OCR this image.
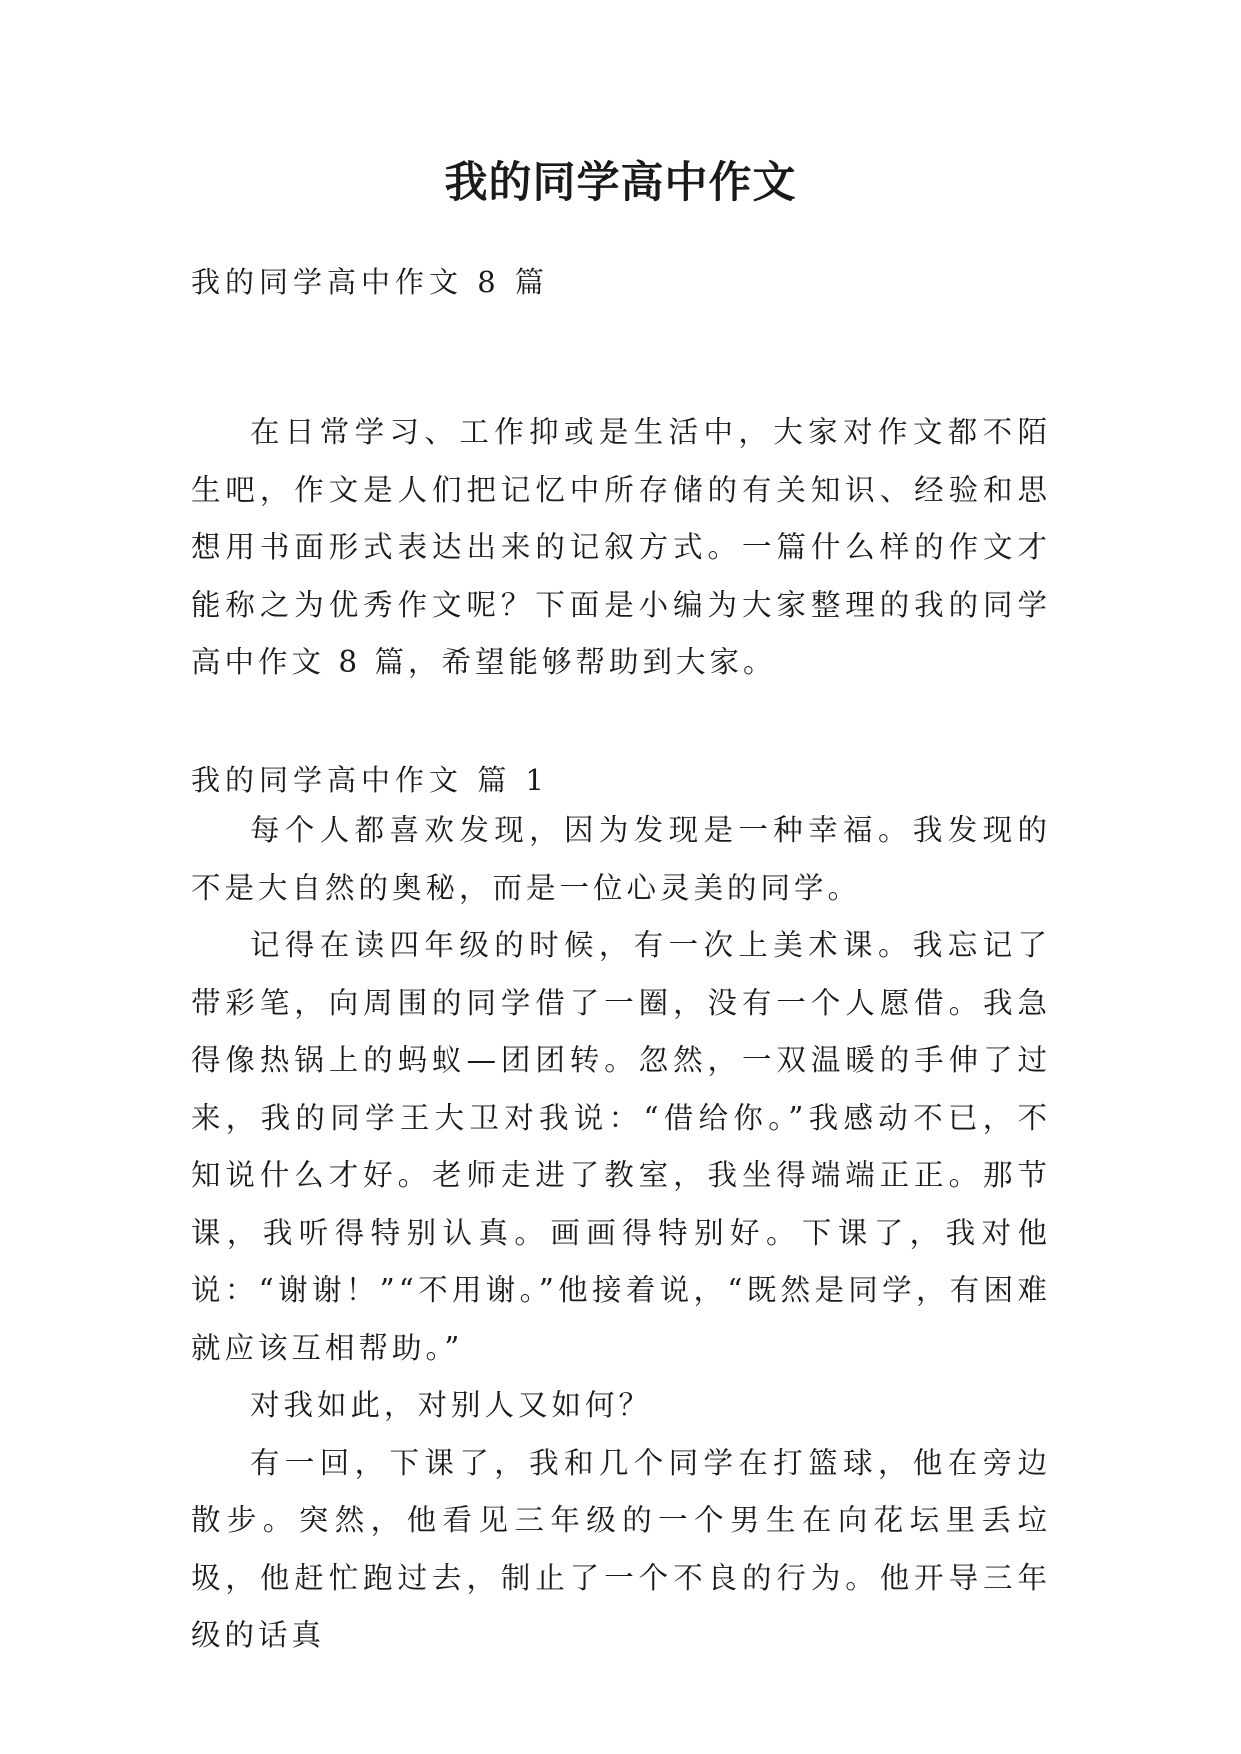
我的同学高中作文
我的同学高中作文 8 篇

在日常学习、工作抑或是生活中，大家对作文都不陌生吧，作文是人们把记忆中所存储的有关知识、经验和思想用书面形式表达出来的记叙方式。一篇什么样的作文才能称之为优秀作文呢？下面是小编为大家整理的我的同学高中作文 8 篇，希望能够帮助到大家。

我的同学高中作文 篇 1

每个人都喜欢发现，因为发现是一种幸福。我发现的不是大自然的奥秘，而是一位心灵美的同学。

记得在读四年级的时候，有一次上美术课。我忘记了带彩笔，向周围的同学借了一圈，没有一个人愿借。我急得像热锅上的蚂蚁—团团转。忽然，一双温暖的手伸了过来，我的同学王大卫对我说：“借给你。”我感动不已，不知说什么才好。老师走进了教室，我坐得端端正正。那节课，我听得特别认真。画画得特别好。下课了，我对他说：“谢谢！”“不用谢。”他接着说，“既然是同学，有困难就应该互相帮助。”

对我如此，对别人又如何？

有一回，下课了，我和几个同学在打篮球，他在旁边散步。突然，他看见三年级的一个男生在向花坛里丢垃圾，他赶忙跑过去，制止了一个不良的行为。他开导三年级的话真
